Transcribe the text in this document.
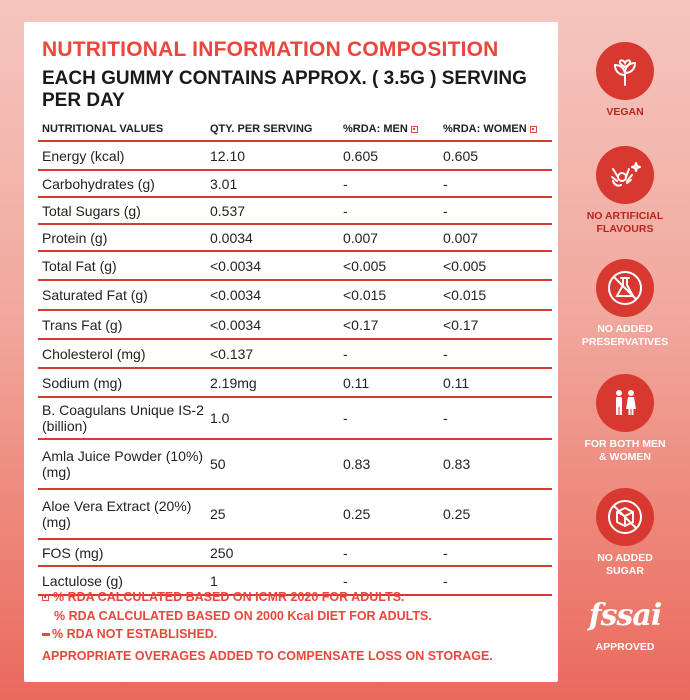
NUTRITIONAL INFORMATION COMPOSITION
EACH GUMMY CONTAINS APPROX. ( 3.5G ) SERVING PER DAY
NUTRITIONAL VALUES	QTY. PER SERVING	%RDA: MEN	%RDA: WOMEN
Energy (kcal)	12.10	0.605	0.605
Carbohydrates (g)	3.01	-	-
Total Sugars (g)	0.537	-	-
Protein (g)	0.0034	0.007	0.007
Total Fat (g)	<0.0034	<0.005	<0.005
Saturated Fat (g)	<0.0034	<0.015	<0.015
Trans Fat (g)	<0.0034	<0.17	<0.17
Cholesterol (mg)	<0.137	-	-
Sodium (mg)	2.19mg	0.11	0.11
B. Coagulans Unique IS-2 (billion)	1.0	-	-
Amla Juice Powder (10%) (mg)	50	0.83	0.83
Aloe Vera Extract (20%) (mg)	25	0.25	0.25
FOS (mg)	250	-	-
Lactulose (g)	1	-	-
% RDA CALCULATED BASED ON ICMR 2020 FOR ADULTS.
% RDA CALCULATED BASED ON 2000 Kcal DIET FOR ADULTS.
% RDA NOT ESTABLISHED.
APPROPRIATE OVERAGES ADDED TO COMPENSATE LOSS ON STORAGE.
VEGAN
NO ARTIFICIAL FLAVOURS
NO ADDED PRESERVATIVES
FOR BOTH MEN & WOMEN
NO ADDED SUGAR
fssai
APPROVED
